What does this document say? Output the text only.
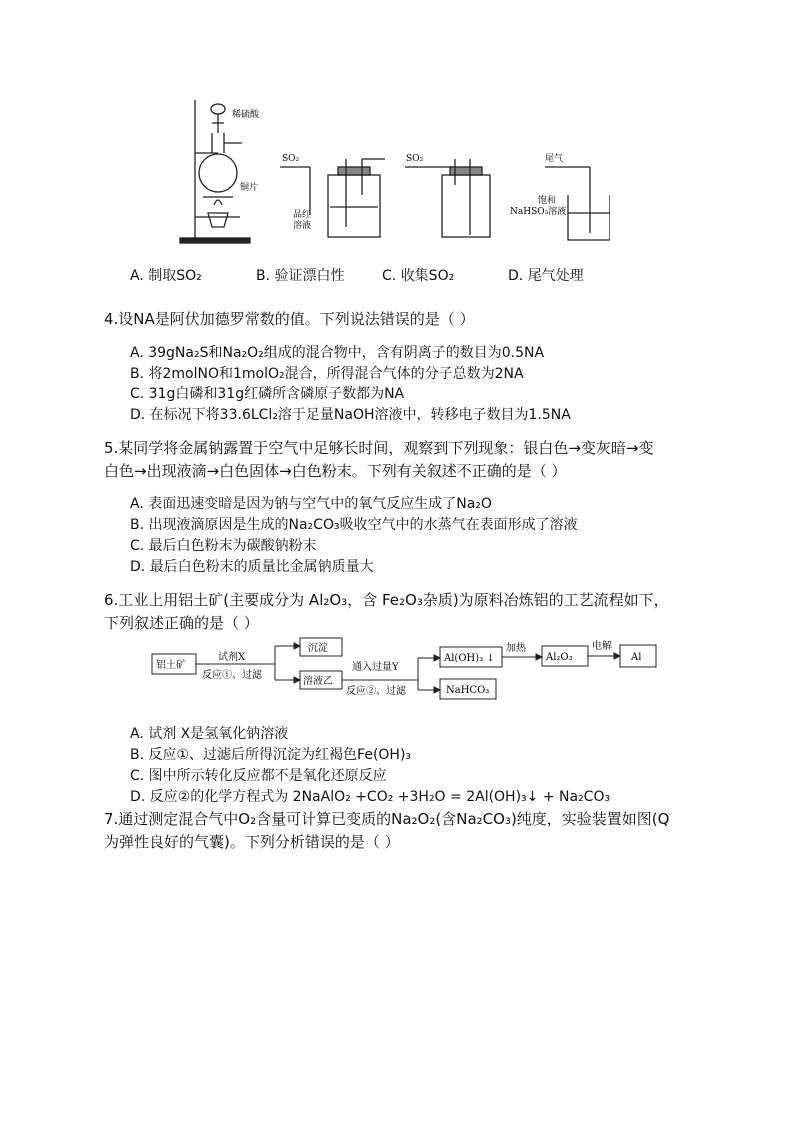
稀硫酸
铜片
SO₂	SO₂	尾气
品红
溶液
饱和
NaHSO₃溶液
A. 制取SO₂	B. 验证漂白性	C. 收集SO₂	D. 尾气处理
4.设NA是阿伏加德罗常数的值。下列说法错误的是（ ）
A. 39gNa₂S和Na₂O₂组成的混合物中，含有阴离子的数目为0.5NA
B. 将2molNO和1molO₂混合，所得混合气体的分子总数为2NA
C. 31g白磷和31g红磷所含磷原子数都为NA
D. 在标况下将33.6LCl₂溶于足量NaOH溶液中，转移电子数目为1.5NA
5.某同学将金属钠露置于空气中足够长时间，观察到下列现象：银白色→变灰暗→变
白色→出现液滴→白色固体→白色粉末。下列有关叙述不正确的是（ ）
A. 表面迅速变暗是因为钠与空气中的氧气反应生成了Na₂O
B. 出现液滴原因是生成的Na₂CO₃吸收空气中的水蒸气在表面形成了溶液
C. 最后白色粉末为碳酸钠粉末
D. 最后白色粉末的质量比金属钠质量大
6.工业上用铝土矿(主要成分为 Al₂O₃，含 Fe₂O₃杂质)为原料冶炼铝的工艺流程如下，
下列叙述正确的是（ ）
铝土矿
试剂X
反应①、过滤
沉淀
溶液乙
通入过量Y
反应②、过滤
Al(OH)₃ ↓
NaHCO₃
加热
Al₂O₃
电解
Al
A. 试剂 X是氢氧化钠溶液
B. 反应①、过滤后所得沉淀为红褐色Fe(OH)₃
C. 图中所示转化反应都不是氧化还原反应
D. 反应②的化学方程式为 2NaAlO₂ +CO₂ +3H₂O = 2Al(OH)₃↓ + Na₂CO₃
7.通过测定混合气中O₂含量可计算已变质的Na₂O₂(含Na₂CO₃)纯度，实验装置如图(Q
为弹性良好的气囊)。下列分析错误的是（ ）
